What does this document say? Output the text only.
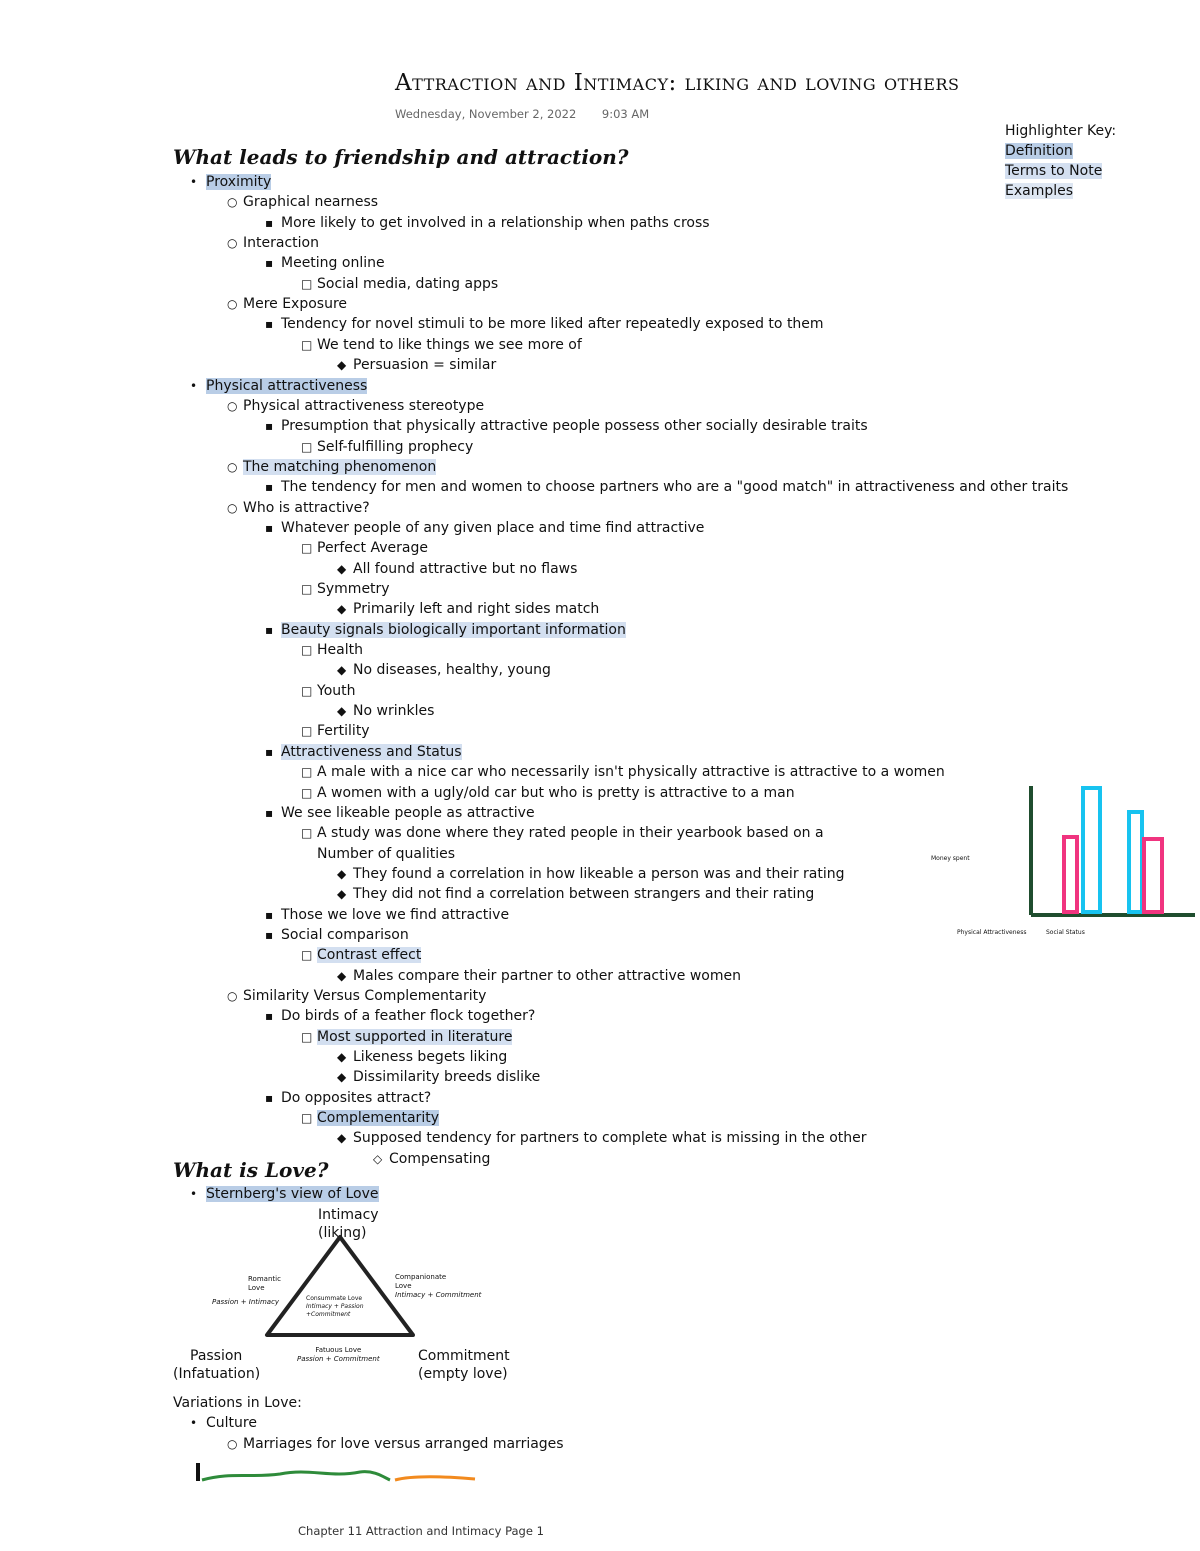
Attraction and Intimacy: liking and loving others
Wednesday, November 2, 2022 9:03 AM
Highlighter Key:
Definition
Terms to Note
Examples
What leads to friendship and attraction?
• Proximity
○ Graphical nearness
▪ More likely to get involved in a relationship when paths cross
○ Interaction
▪ Meeting online
□ Social media, dating apps
○ Mere Exposure
▪ Tendency for novel stimuli to be more liked after repeatedly exposed to them
□ We tend to like things we see more of
◆ Persuasion = similar
• Physical attractiveness
○ Physical attractiveness stereotype
▪ Presumption that physically attractive people possess other socially desirable traits
□ Self-fulfilling prophecy
○ The matching phenomenon
▪ The tendency for men and women to choose partners who are a "good match" in attractiveness and other traits
○ Who is attractive?
▪ Whatever people of any given place and time find attractive
□ Perfect Average
◆ All found attractive but no flaws
□ Symmetry
◆ Primarily left and right sides match
▪ Beauty signals biologically important information
□ Health
◆ No diseases, healthy, young
□ Youth
◆ No wrinkles
□ Fertility
▪ Attractiveness and Status
□ A male with a nice car who necessarily isn't physically attractive is attractive to a women
□ A women with a ugly/old car but who is pretty is attractive to a man
▪ We see likeable people as attractive
□ A study was done where they rated people in their yearbook based on a
Number of qualities
◆ They found a correlation in how likeable a person was and their rating
◆ They did not find a correlation between strangers and their rating
▪ Those we love we find attractive
▪ Social comparison
□ Contrast effect
◆ Males compare their partner to other attractive women
○ Similarity Versus Complementarity
▪ Do birds of a feather flock together?
□ Most supported in literature
◆ Likeness begets liking
◆ Dissimilarity breeds dislike
▪ Do opposites attract?
□ Complementarity
◆ Supposed tendency for partners to complete what is missing in the other
◇ Compensating
What is Love?
• Sternberg's view of Love
Intimacy
(liking)
Passion
(Infatuation)
Commitment
(empty love)
Romantic
Love
Passion + Intimacy
Companionate
Love
Intimacy + Commitment
Consummate Love
Intimacy + Passion
+Commitment
Fatuous Love
Passion + Commitment
Variations in Love:
• Culture
○ Marriages for love versus arranged marriages
Money spent
Physical Attractiveness	Social Status
Chapter 11 Attraction and Intimacy Page 1
